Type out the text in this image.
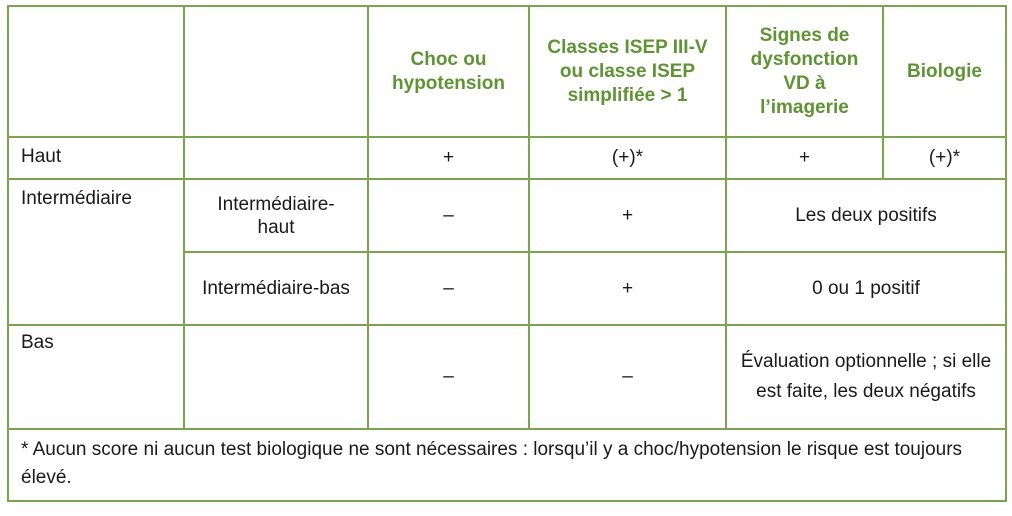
		Choc ou hypotension	Classes ISEP III-V ou classe ISEP simplifiée > 1	Signes de dysfonction VD à l’imagerie	Biologie
Haut		+	(+)*	+	(+)*
Intermédiaire	Intermédiaire-haut	–	+	Les deux positifs	
	Intermédiaire-bas	–	+	0 ou 1 positif	
Bas		–	–	Évaluation optionnelle ; si elle est faite, les deux négatifs	
* Aucun score ni aucun test biologique ne sont nécessaires : lorsqu’il y a choc/hypotension le risque est toujours élevé.					
